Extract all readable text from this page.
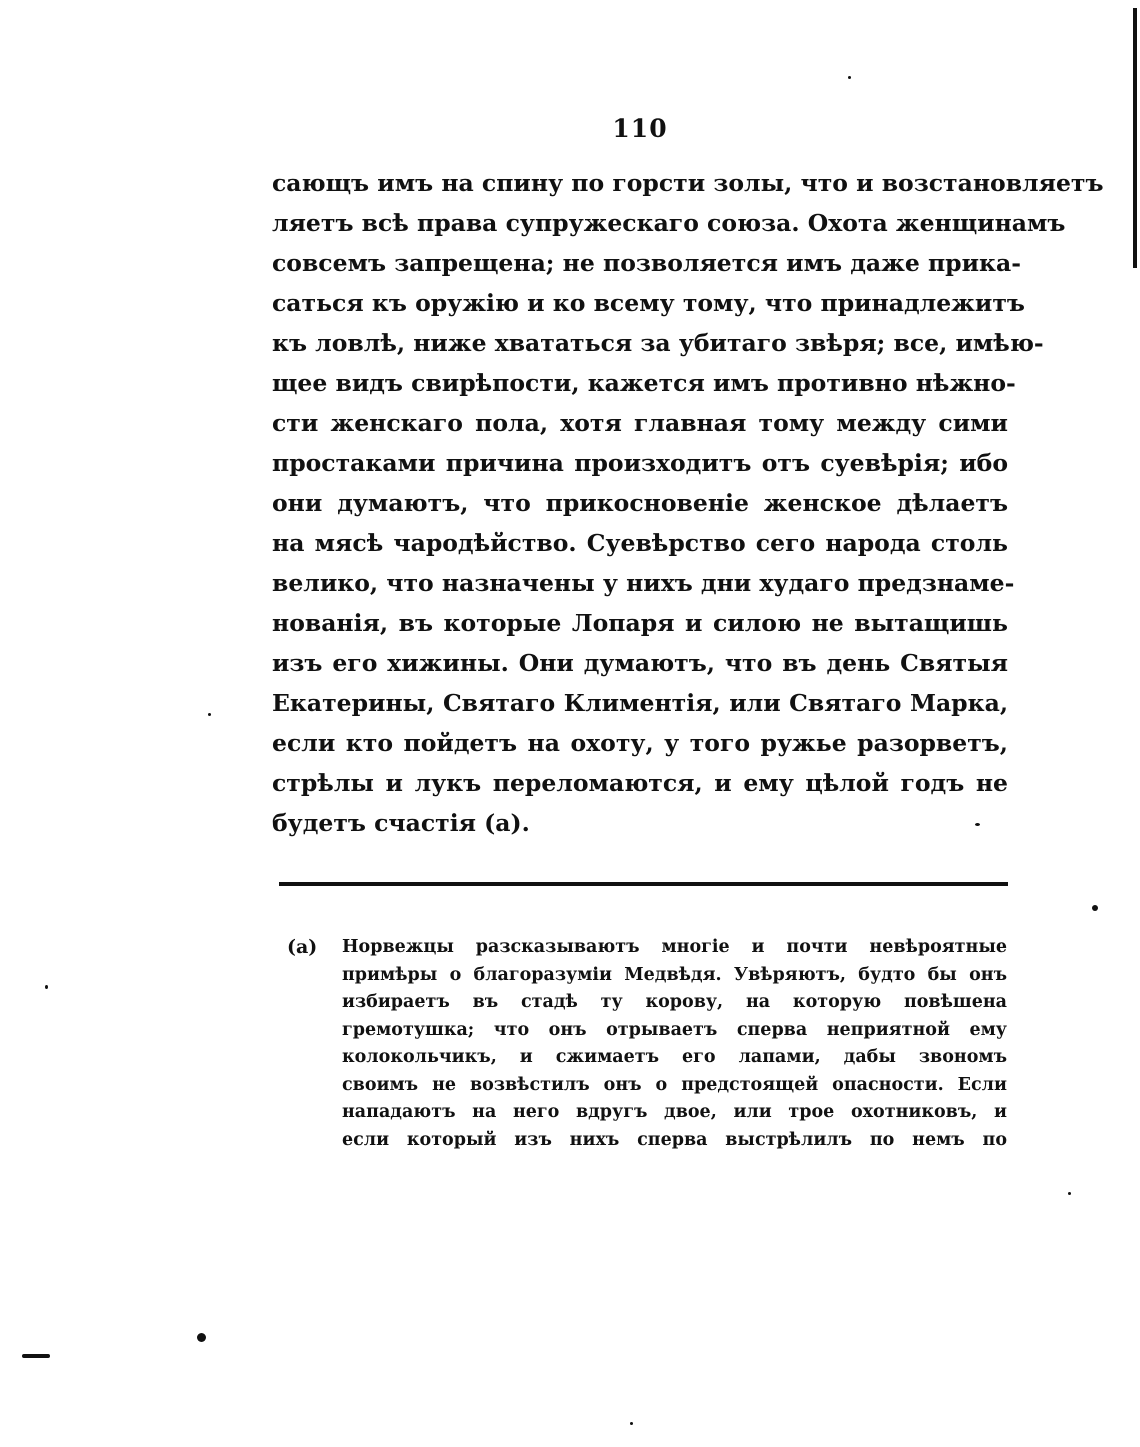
110
сающъ имъ на спину по горсти золы, что и возстановляетъ
ляетъ всѣ права супружескаго союза. Охота женщинамъ
совсемъ запрещена; не позволяется имъ даже прика-
саться къ оружію и ко всему тому, что принадлежитъ
къ ловлѣ, ниже хвататься за убитаго звѣря; все, имѣю-
щее видъ свирѣпости, кажется имъ противно нѣжно-
сти женскаго пола, хотя главная тому между сими
простаками причина произходитъ отъ суевѣрія; ибо
они думаютъ, что прикосновеніе женское дѣлаетъ
на мясѣ чародѣйство. Суевѣрство сего народа столь
велико, что назначены у нихъ дни худаго предзнаме-
нованія, въ которые Лопаря и силою не вытащишь
изъ его хижины. Они думаютъ, что въ день Святыя
Екатерины, Святаго Климентія, или Святаго Марка,
если кто пойдетъ на охоту, у того ружье разорветъ,
стрѣлы и лукъ переломаются, и ему цѣлой годъ не
будетъ счастія (а).
(а) Норвежцы разсказываютъ многіе и почти невѣроятные
примѣры о благоразуміи Медвѣдя. Увѣряютъ, будто бы онъ
избираетъ въ стадѣ ту корову, на которую повѣшена
гремотушка; что онъ отрываетъ сперва неприятной ему
колокольчикъ, и сжимаетъ его лапами, дабы звономъ
своимъ не возвѣстилъ онъ о предстоящей опасности. Если
нападаютъ на него вдругъ двое, или трое охотниковъ, и
если который изъ нихъ сперва выстрѣлилъ по немъ по
